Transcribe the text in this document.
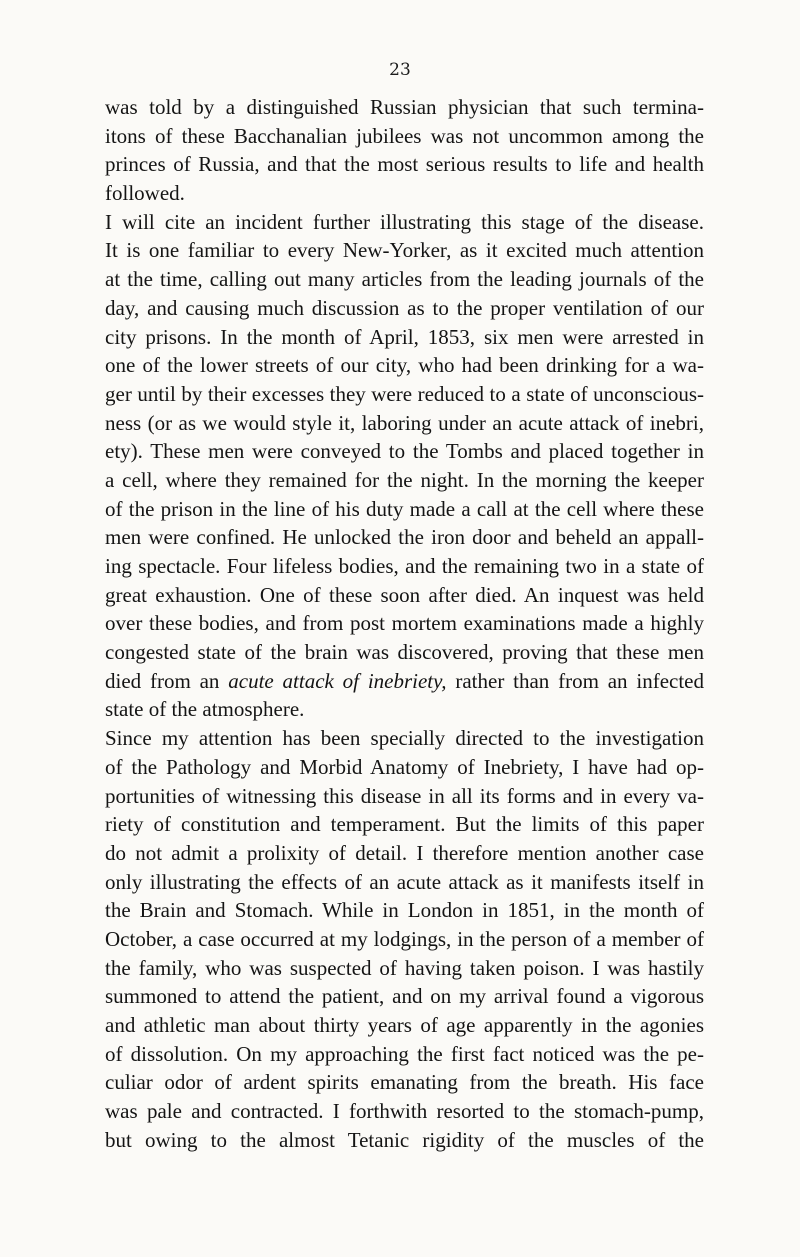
23
was told by a distinguished Russian physician that such termina-
itons of these Bacchanalian jubilees was not uncommon among the
princes of Russia, and that the most serious results to life and health
followed.
I will cite an incident further illustrating this stage of the disease.
It is one familiar to every New-Yorker, as it excited much attention
at the time, calling out many articles from the leading journals of the
day, and causing much discussion as to the proper ventilation of our
city prisons. In the month of April, 1853, six men were arrested in
one of the lower streets of our city, who had been drinking for a wa-
ger until by their excesses they were reduced to a state of unconscious-
ness (or as we would style it, laboring under an acute attack of inebri,
ety). These men were conveyed to the Tombs and placed together in
a cell, where they remained for the night. In the morning the keeper
of the prison in the line of his duty made a call at the cell where these
men were confined. He unlocked the iron door and beheld an appall-
ing spectacle. Four lifeless bodies, and the remaining two in a state of
great exhaustion. One of these soon after died. An inquest was held
over these bodies, and from post mortem examinations made a highly
congested state of the brain was discovered, proving that these men
died from an acute attack of inebriety, rather than from an infected
state of the atmosphere.
Since my attention has been specially directed to the investigation
of the Pathology and Morbid Anatomy of Inebriety, I have had op-
portunities of witnessing this disease in all its forms and in every va-
riety of constitution and temperament. But the limits of this paper
do not admit a prolixity of detail. I therefore mention another case
only illustrating the effects of an acute attack as it manifests itself in
the Brain and Stomach. While in London in 1851, in the month of
October, a case occurred at my lodgings, in the person of a member of
the family, who was suspected of having taken poison. I was hastily
summoned to attend the patient, and on my arrival found a vigorous
and athletic man about thirty years of age apparently in the agonies
of dissolution. On my approaching the first fact noticed was the pe-
culiar odor of ardent spirits emanating from the breath. His face
was pale and contracted. I forthwith resorted to the stomach-pump,
but owing to the almost Tetanic rigidity of the muscles of the
